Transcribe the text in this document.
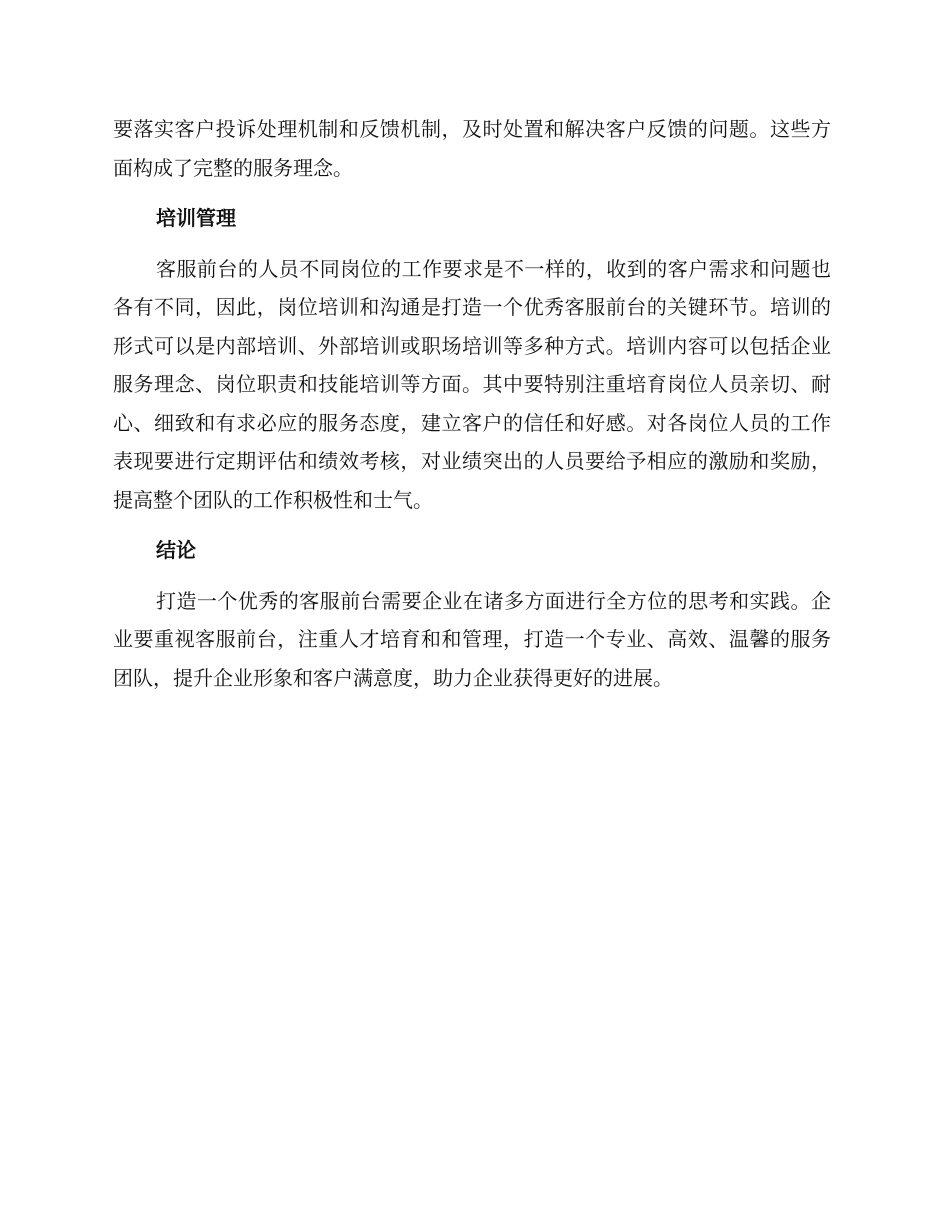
要落实客户投诉处理机制和反馈机制，及时处置和解决客户反馈的问题。这些方面构成了完整的服务理念。

培训管理

客服前台的人员不同岗位的工作要求是不一样的，收到的客户需求和问题也各有不同，因此，岗位培训和沟通是打造一个优秀客服前台的关键环节。培训的形式可以是内部培训、外部培训或职场培训等多种方式。培训内容可以包括企业服务理念、岗位职责和技能培训等方面。其中要特别注重培育岗位人员亲切、耐心、细致和有求必应的服务态度，建立客户的信任和好感。对各岗位人员的工作表现要进行定期评估和绩效考核，对业绩突出的人员要给予相应的激励和奖励，提高整个团队的工作积极性和士气。

结论

打造一个优秀的客服前台需要企业在诸多方面进行全方位的思考和实践。企业要重视客服前台，注重人才培育和和管理，打造一个专业、高效、温馨的服务团队，提升企业形象和客户满意度，助力企业获得更好的进展。
